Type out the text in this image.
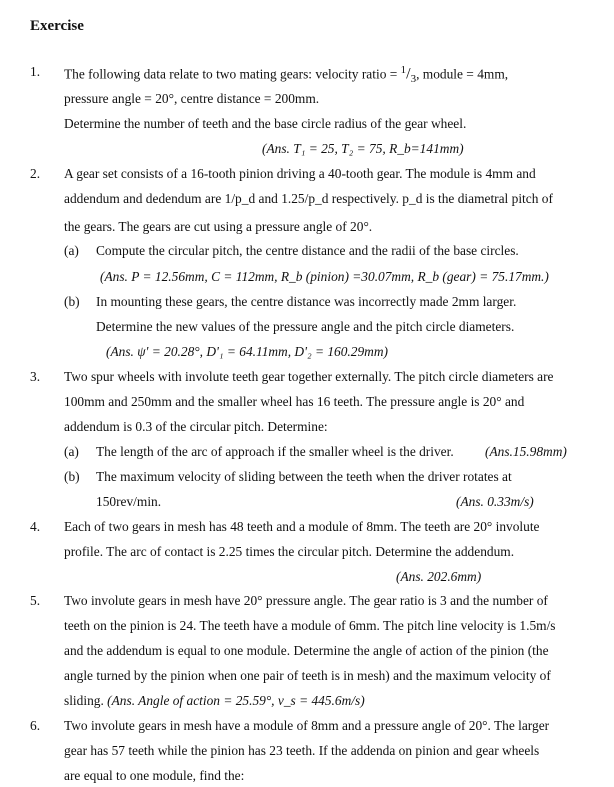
Exercise
1. The following data relate to two mating gears: velocity ratio = $^1/_3$, module = 4mm,
pressure angle = 20°, centre distance = 200mm.
Determine the number of teeth and the base circle radius of the gear wheel.
(Ans. T₁ = 25, T₂ = 75, R_b=141mm)
2. A gear set consists of a 16-tooth pinion driving a 40-tooth gear. The module is 4mm and
addendum and dedendum are 1/p_d and 1.25/p_d respectively. p_d is the diametral pitch of
the gears. The gears are cut using a pressure angle of 20°.
(a) Compute the circular pitch, the centre distance and the radii of the base circles.
(Ans. P = 12.56mm, C = 112mm, R_b (pinion) =30.07mm, R_b (gear) = 75.17mm.)
(b) In mounting these gears, the centre distance was incorrectly made 2mm larger.
Determine the new values of the pressure angle and the pitch circle diameters.
(Ans. ψ' = 20.28°, D'₁ = 64.11mm, D'₂ = 160.29mm)
3. Two spur wheels with involute teeth gear together externally. The pitch circle diameters are
100mm and 250mm and the smaller wheel has 16 teeth. The pressure angle is 20° and
addendum is 0.3 of the circular pitch. Determine:
(a) The length of the arc of approach if the smaller wheel is the driver. (Ans.15.98mm)
(b) The maximum velocity of sliding between the teeth when the driver rotates at
150rev/min.	(Ans. 0.33m/s)
4. Each of two gears in mesh has 48 teeth and a module of 8mm. The teeth are 20° involute
profile. The arc of contact is 2.25 times the circular pitch. Determine the addendum.
(Ans. 202.6mm)
5. Two involute gears in mesh have 20° pressure angle. The gear ratio is 3 and the number of
teeth on the pinion is 24. The teeth have a module of 6mm. The pitch line velocity is 1.5m/s
and the addendum is equal to one module. Determine the angle of action of the pinion (the
angle turned by the pinion when one pair of teeth is in mesh) and the maximum velocity of
sliding. (Ans. Angle of action = 25.59°, v_s = 445.6m/s)
6. Two involute gears in mesh have a module of 8mm and a pressure angle of 20°. The larger
gear has 57 teeth while the pinion has 23 teeth. If the addenda on pinion and gear wheels
are equal to one module, find the:
